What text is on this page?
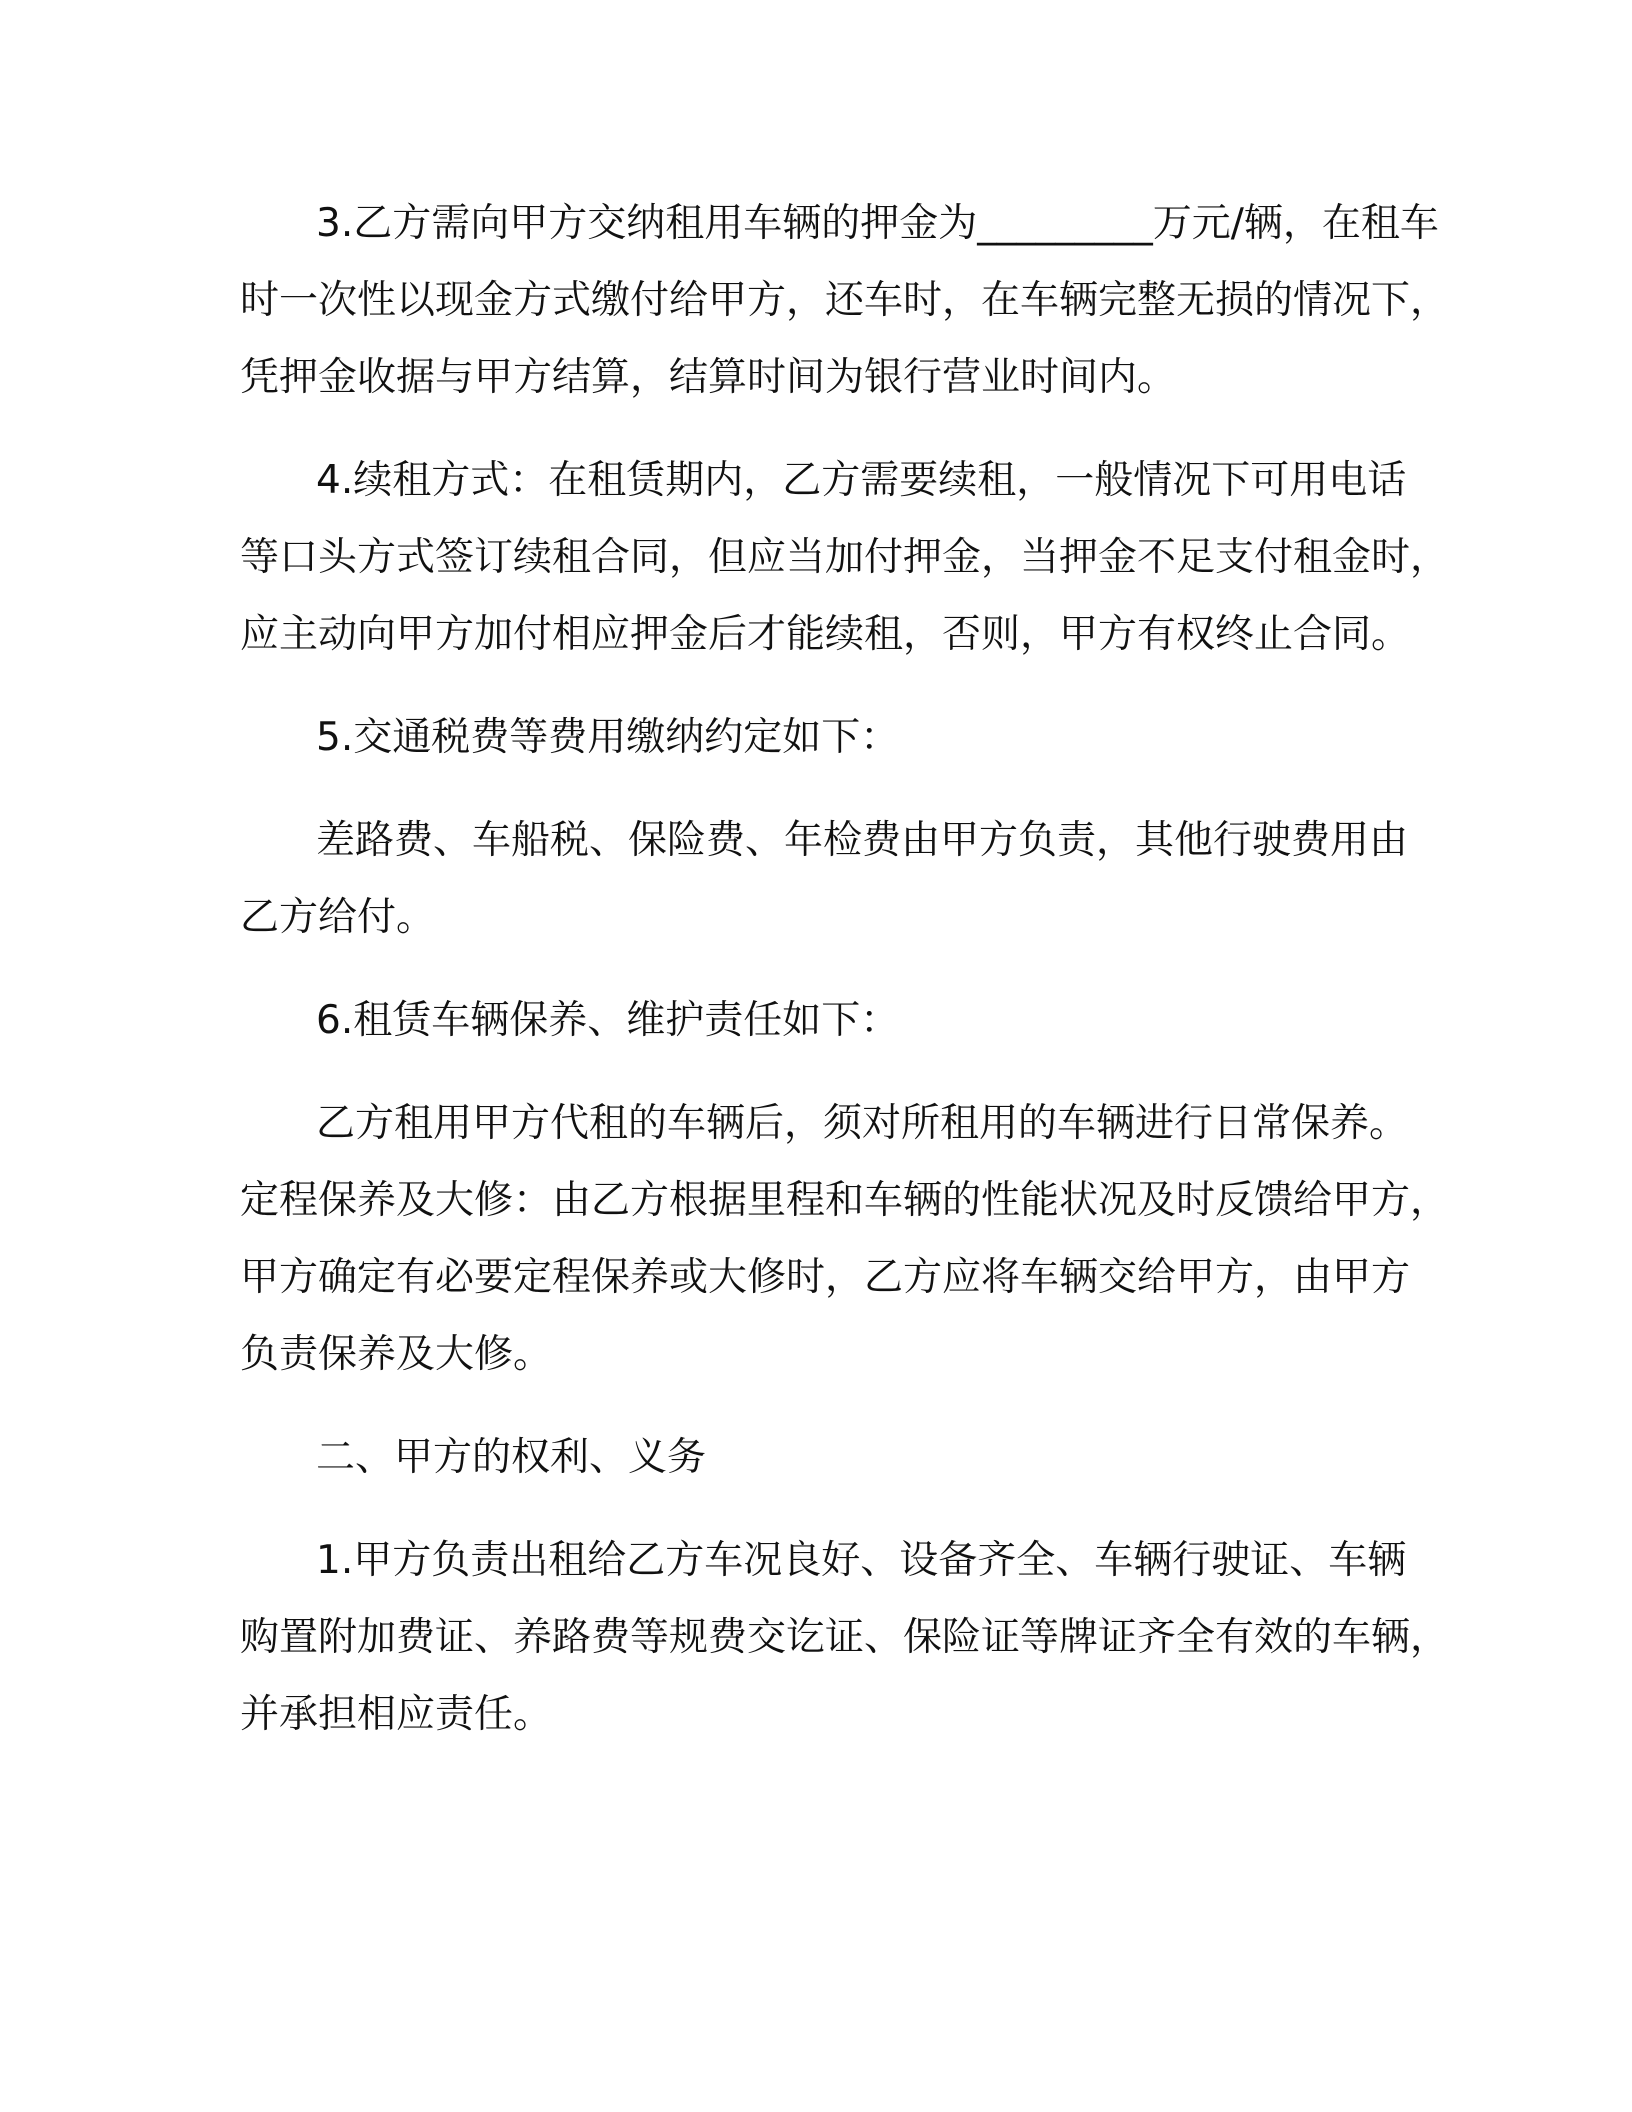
3.乙方需向甲方交纳租用车辆的押金为_________万元/辆，在租车
时一次性以现金方式缴付给甲方，还车时，在车辆完整无损的情况下，
凭押金收据与甲方结算，结算时间为银行营业时间内。

4.续租方式：在租赁期内，乙方需要续租，一般情况下可用电话
等口头方式签订续租合同，但应当加付押金，当押金不足支付租金时，
应主动向甲方加付相应押金后才能续租，否则，甲方有权终止合同。

5.交通税费等费用缴纳约定如下：

差路费、车船税、保险费、年检费由甲方负责，其他行驶费用由
乙方给付。

6.租赁车辆保养、维护责任如下：

乙方租用甲方代租的车辆后，须对所租用的车辆进行日常保养。
定程保养及大修：由乙方根据里程和车辆的性能状况及时反馈给甲方，
甲方确定有必要定程保养或大修时，乙方应将车辆交给甲方，由甲方
负责保养及大修。

二、甲方的权利、义务

1.甲方负责出租给乙方车况良好、设备齐全、车辆行驶证、车辆
购置附加费证、养路费等规费交讫证、保险证等牌证齐全有效的车辆，
并承担相应责任。
